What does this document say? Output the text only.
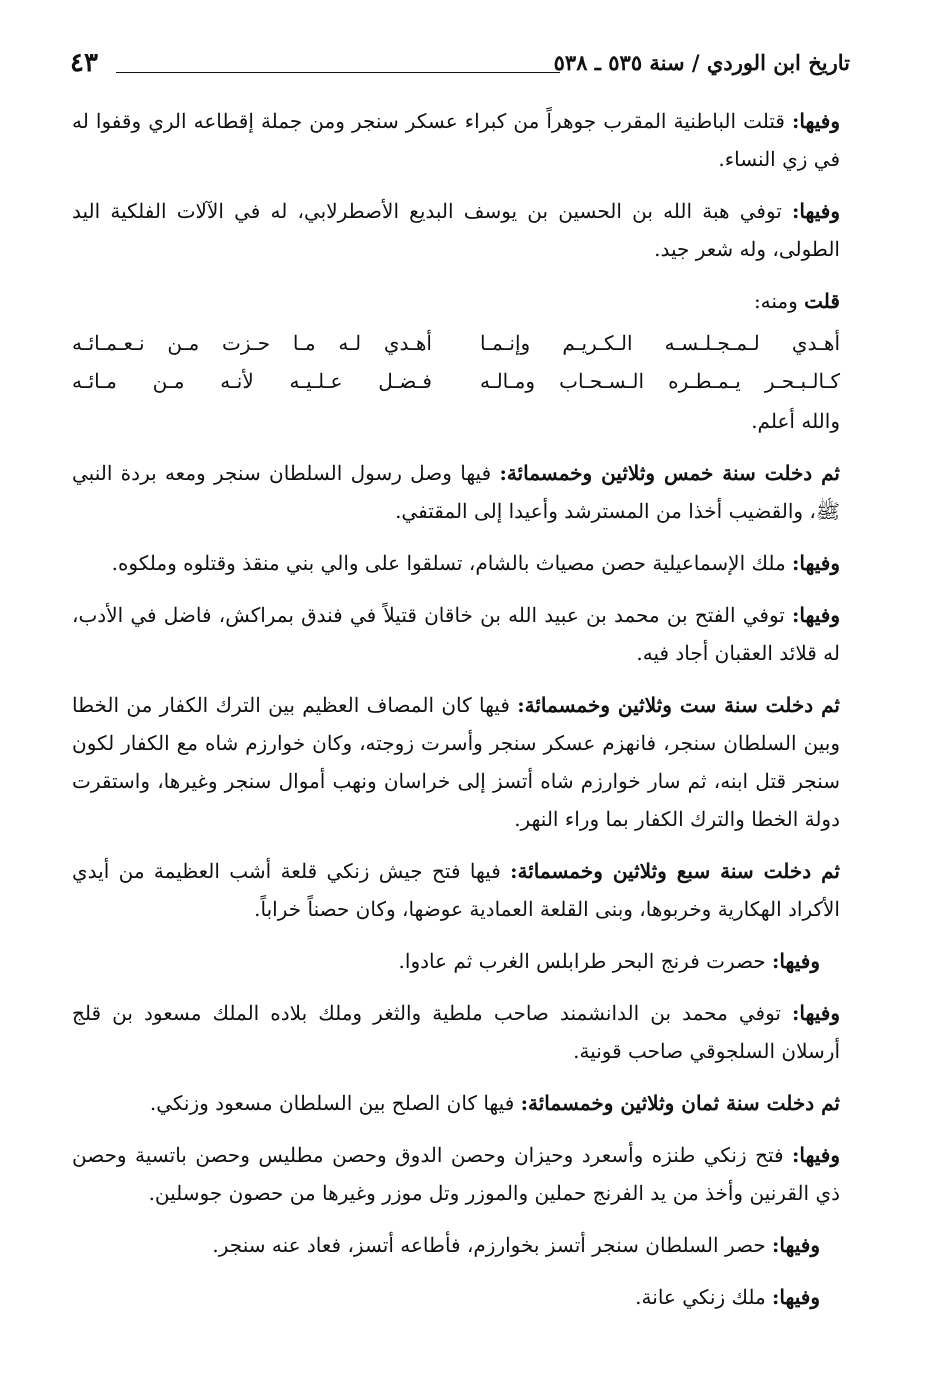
تاريخ ابن الوردي / سنة ٥٣٥ ـ ٥٣٨
٤٣

وفيها: قتلت الباطنية المقرب جوهراً من كبراء عسكر سنجر ومن جملة إقطاعه الري وقفوا له في زي النساء.

وفيها: توفي هبة الله بن الحسين بن يوسف البديع الأصطرلابي، له في الآلات الفلكية اليد الطولى، وله شعر جيد.

قلت ومنه:

أهـدي لـمـجـلـسـه الـكـريـم وإنـمـا
أهـدي لـه مـا حـزت مـن نـعـمـائـه
كـالـبـحـر يـمـطـره الـسـحـاب ومـالـه
فـضـل عـلـيـه لأنـه مـن مـائـه

والله أعلم.

ثم دخلت سنة خمس وثلاثين وخمسمائة: فيها وصل رسول السلطان سنجر ومعه بردة النبي ﷺ، والقضيب أخذا من المسترشد وأعيدا إلى المقتفي.

وفيها: ملك الإسماعيلية حصن مصياث بالشام، تسلقوا على والي بني منقذ وقتلوه وملكوه.

وفيها: توفي الفتح بن محمد بن عبيد الله بن خاقان قتيلاً في فندق بمراكش، فاضل في الأدب، له قلائد العقبان أجاد فيه.

ثم دخلت سنة ست وثلاثين وخمسمائة: فيها كان المصاف العظيم بين الترك الكفار من الخطا وبين السلطان سنجر، فانهزم عسكر سنجر وأسرت زوجته، وكان خوارزم شاه مع الكفار لكون سنجر قتل ابنه، ثم سار خوارزم شاه أتسز إلى خراسان ونهب أموال سنجر وغيرها، واستقرت دولة الخطا والترك الكفار بما وراء النهر.

ثم دخلت سنة سبع وثلاثين وخمسمائة: فيها فتح جيش زنكي قلعة أشب العظيمة من أيدي الأكراد الهكارية وخربوها، وبنى القلعة العمادية عوضها، وكان حصناً خراباً.

وفيها: حصرت فرنج البحر طرابلس الغرب ثم عادوا.

وفيها: توفي محمد بن الدانشمند صاحب ملطية والثغر وملك بلاده الملك مسعود بن قلج أرسلان السلجوقي صاحب قونية.

ثم دخلت سنة ثمان وثلاثين وخمسمائة: فيها كان الصلح بين السلطان مسعود وزنكي.

وفيها: فتح زنكي طنزه وأسعرد وحيزان وحصن الدوق وحصن مطليس وحصن باتسية وحصن ذي القرنين وأخذ من يد الفرنج حملين والموزر وتل موزر وغيرها من حصون جوسلين.

وفيها: حصر السلطان سنجر أتسز بخوارزم، فأطاعه أتسز، فعاد عنه سنجر.

وفيها: ملك زنكي عانة.
